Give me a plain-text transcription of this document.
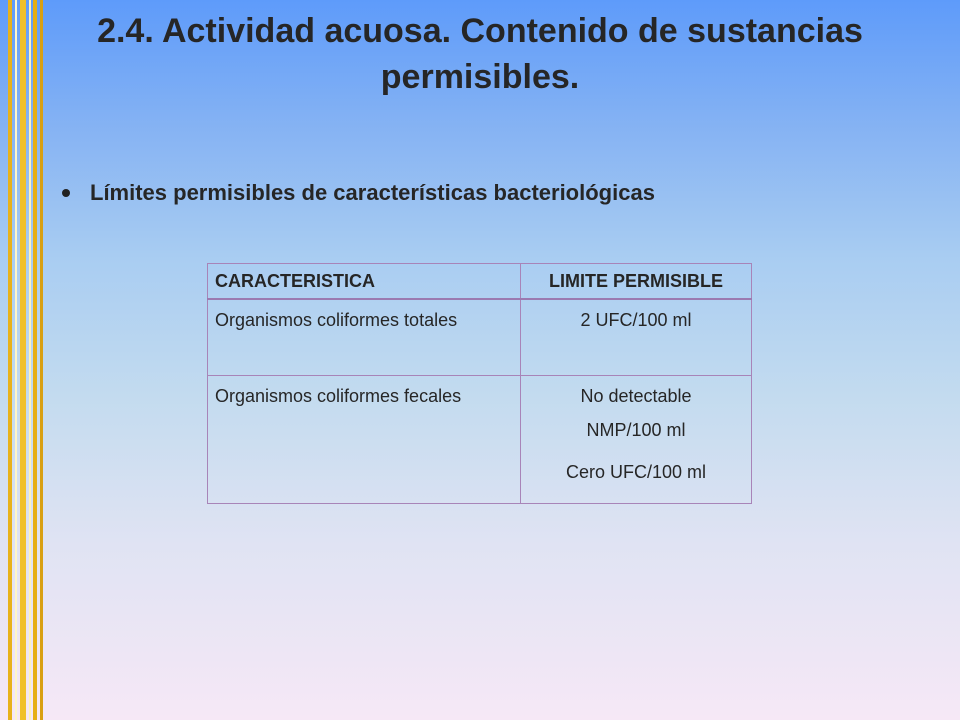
2.4. Actividad acuosa. Contenido de sustancias permisibles.
Límites permisibles de características bacteriológicas
CARACTERISTICA	LIMITE PERMISIBLE
Organismos coliformes totales	2 UFC/100 ml

Organismos coliformes fecales	No detectable
NMP/100 ml
Cero UFC/100 ml
